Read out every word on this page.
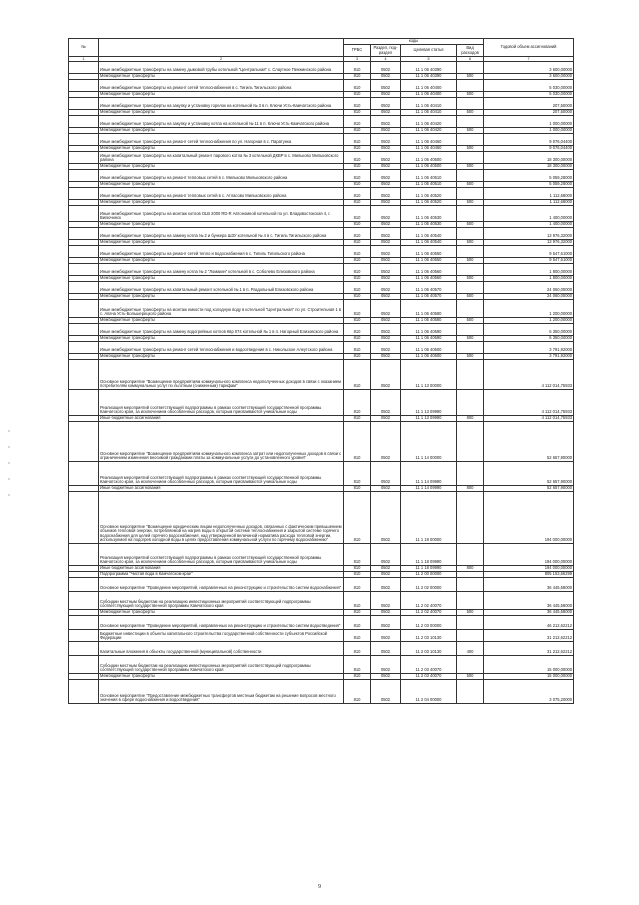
№		коды				Годовой объем ассигнований
		ГРБС	Раздел, под-раздел	Целевая статья	Вид расходов	
1	2	3	4	5	6	7
	Иные межбюджетные трансферты на замену дымовой трубы котельной "Центральная" с. Слаутное Пенжинского района	810	0502	11 1 06 40390		3 600,00000
	Межбюджетные трансферты	810	0502	11 1 06 40390	500	3 600,00000
	Иные межбюджетные трансферты на ремонт сетей теплоснабжения в с. Тигиль Тигильского района	810	0502	11 1 06 40400		5 030,00000
	Межбюджетные трансферты	810	0502	11 1 06 40400	500	5 030,00000
	Иные межбюджетные трансферты на закупку и установку горелок на котельной № 3 в п. Ключи Усть-Камчатского района	810	0502	11 1 06 40410		207,50000
	Межбюджетные трансферты	810	0502	11 1 06 40410	500	207,50000
	Иные межбюджетные трансферты на закупку и установку котла на котельной № 11 в п. Ключи Усть-Камчатского района	810	0502	11 1 06 40420		1 000,00000
	Межбюджетные трансферты	810	0502	11 1 06 40420	500	1 000,00000
	Иные межбюджетные трансферты на ремонт сетей теплоснабжения по ул. Нагорная в с. Паратунка	810	0502	11 1 06 40460		9 076,04400
	Межбюджетные трансферты	810	0502	11 1 06 40460	500	9 076,04400
	Иные межбюджетные трансферты на капитальный ремонт парового котла № 3 котельной ДКВР в с. Мильково Мильковского района	810	0502	11 1 06 40500		18 300,00000
	Межбюджетные трансферты	810	0502	11 1 06 40500	500	18 300,00000
	Иные межбюджетные трансферты на ремонт тепловых сетей в с. Мильково Мильковского района	810	0502	11 1 06 40510		5 059,28000
	Межбюджетные трансферты	810	0502	11 1 06 40510	500	5 059,28000
	Иные межбюджетные трансферты на ремонт тепловых сетей в с. Атласово Мильковского района	810	0502	11 1 06 40520		1 112,68000
	Межбюджетные трансферты	810	0502	11 1 06 40520	500	1 112,68000
	Иные межбюджетные трансферты на монтаж котлов OLB 2000 RD-R Автономной котельной по ул. Владивостокская 4, г. Вилючинск	810	0502	11 1 06 40530		1 400,00000
	Межбюджетные трансферты	810	0502	11 1 06 40530	500	1 400,00000
	Иные межбюджетные трансферты на замену котла № 2 и бункера ШЗУ котельной № 4 в с. Тигиль Тигильского района	810	0502	11 1 06 40540		13 976,32000
	Межбюджетные трансферты	810	0502	11 1 06 40540	500	13 976,32000
	Иные межбюджетные трансферты на ремонт сетей тепло и водоснабжения в с. Тигиль Тигильского района	810	0502	11 1 06 40550		9 547,61000
	Межбюджетные трансферты	810	0502	11 1 06 40550	500	9 547,61000
	Иные межбюджетные трансферты на замену котла № 2 "Ломакин" котельной в с. Соболево Елизовского района	810	0502	11 1 06 40560		1 800,00000
	Межбюджетные трансферты	810	0502	11 1 06 40560	500	1 800,00000
	Иные межбюджетные трансферты на капитальный ремонт котельной № 1 в п. Раздольный Елизовского района	810	0502	11 1 06 40570		24 060,00000
	Межбюджетные трансферты	810	0502	11 1 06 40570	500	24 060,00000
	Иные межбюджетные трансферты на монтаж емкости под холодную воду в котельной "Центральная" по ул. Строительная 1 в с. Апача Усть-Большерецкого района	810	0502	11 1 06 40580		1 200,00000
	Межбюджетные трансферты	810	0502	11 1 06 40580	500	1 200,00000
	Иные межбюджетные трансферты на замену водогрейных котлов Квр 074 котельной № 1 в п. Нагорный Елизовского района	810	0502	11 1 06 40590		6 350,00000
	Межбюджетные трансферты	810	0502	11 1 06 40590	500	6 350,00000
	Иные межбюджетные трансферты на ремонт сетей теплоснабжения и водоотведения в с. Никольское Алеутского района	810	0502	11 1 06 40600		3 791,92000
	Межбюджетные трансферты	810	0502	11 1 06 40600	500	3 791,92000
	Основное мероприятие "Возмещение предприятиям коммунального комплекса недополученных доходов в связи с оказанием потребителям коммунальных услуг по льготным (сниженным) тарифам"	810	0502	11 1 13 00000		4 112 014,75933
	Реализация мероприятий соответствующей подпрограммы в рамках соответствующей государственной программы Камчатского края, за исключением обособленных расходов, которым присваиваются уникальные коды	810	0502	11 1 13 09990		4 112 014,75933
	Иные бюджетные ассигнования	810	0502	11 1 13 09990	800	4 112 014,75933
	Основное мероприятие "Возмещение предприятиям коммунального комплекса затрат или недополученных доходов в связи с ограничением изменения вносимой гражданами платы за коммунальные услуги до установленного уровня"	810	0502	11 1 14 00000		52 657,90000
	Реализация мероприятий соответствующей подпрограммы в рамках соответствующей государственной программы Камчатского края, за исключением обособленных расходов, которым присваиваются уникальные коды	810	0502	11 1 14 09990		52 657,90000
	Иные бюджетные ассигнования	810	0502	11 1 14 09990	800	52 657,90000
	Основное мероприятие "Возмещение юридическим лицам недополученных доходов, связанных с фактическим превышением объемов тепловой энергии, потребляемой на нагрев воды в открытой системе теплоснабжения и закрытой системе горячего водоснабжения для целей горячего водоснабжения, над утвержденной величиной норматива расхода тепловой энергии, используемой на подогрев холодной воды в целях предоставления коммунальной услуги по горячему водоснабжению"	810	0502	11 1 18 00000		194 000,00000
	Реализация мероприятий соответствующей подпрограммы в рамках соответствующей государственной программы Камчатского края, за исключением обособленных расходов, которым присваиваются уникальные коды	810	0502	11 1 18 09990		194 000,00000
	Иные бюджетные ассигнования	810	0502	11 1 18 09990	800	194 000,00000
	Подпрограмма "Чистая вода в Камчатском крае"	810	0502	11 2 00 00000		805 153,66299
	Основное мероприятие "Проведение мероприятий, направленных на реконструкцию и строительство систем водоснабжения"	810	0502	11 2 02 00000		36 445,58000
	Субсидии местным бюджетам на реализацию инвестиционных мероприятий соответствующей подпрограммы соответствующей государственной программы Камчатского края	810	0502	11 2 02 40070		36 445,58000
	Межбюджетные трансферты	810	0502	11 2 02 40070	500	36 445,58000
	Основное мероприятие "Проведение мероприятий, направленных на реконструкцию и строительство систем водоотведения"	810	0502	11 2 03 00000		46 212,62212
	Бюджетные инвестиции в объекты капитального строительства государственной собственности субъектов Российской Федерации	810	0502	11 2 03 10130		31 212,62212
	Капитальные вложения в объекты государственной (муниципальной) собственности	810	0502	11 2 03 10130	400	31 212,62212
	Субсидии местным бюджетам на реализацию инвестиционных мероприятий соответствующей подпрограммы соответствующей государственной программы Камчатского края	810	0502	11 2 03 40070		15 000,00000
	Межбюджетные трансферты	810	0502	11 2 03 40070	500	15 000,00000
	Основное мероприятие "Предоставление межбюджетных трансфертов местным бюджетам на решение вопросов местного значения в сфере водоснабжения и водоотведения"	810	0502	11 2 04 00000		3 075,20000
9
